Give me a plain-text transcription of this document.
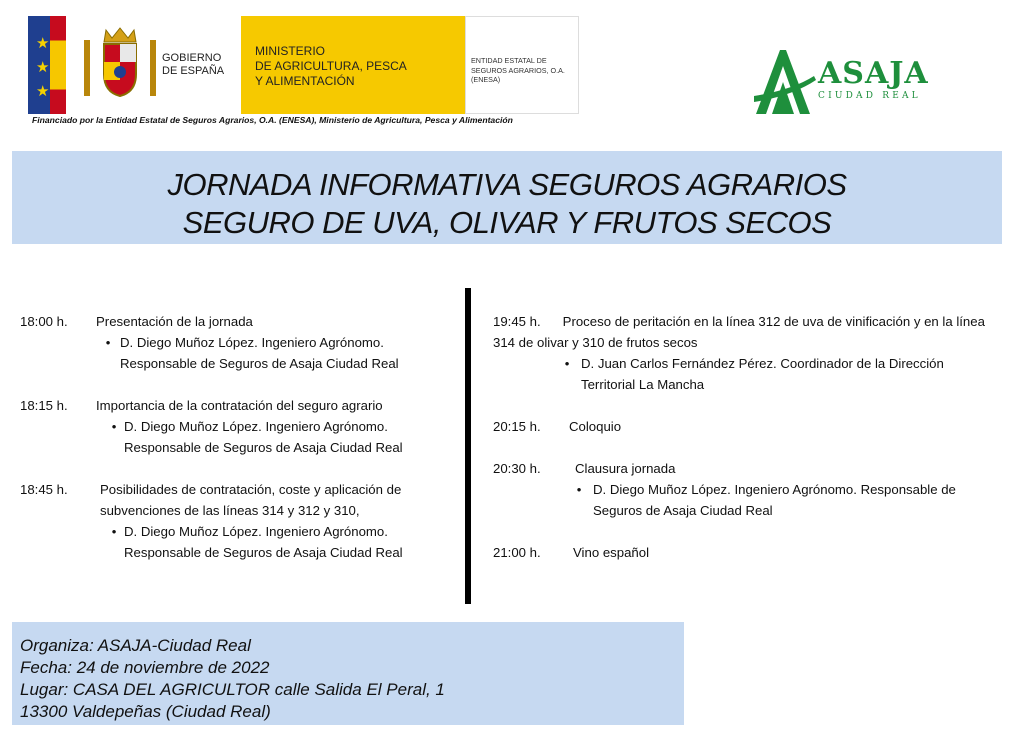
★
★
★
GOBIERNO
DE ESPAÑA
MINISTERIO
DE AGRICULTURA, PESCA
Y ALIMENTACIÓN
ENTIDAD ESTATAL DE
SEGUROS AGRARIOS, O.A.
(ENESA)
Financiado por la Entidad Estatal de Seguros Agrarios, O.A. (ENESA), Ministerio de Agricultura, Pesca y Alimentación
ASAJA
CIUDAD REAL
JORNADA INFORMATIVA SEGUROS AGRARIOS
SEGURO DE UVA, OLIVAR Y FRUTOS SECOS
18:00 h.	Presentación de la jornada
• D. Diego Muñoz López. Ingeniero Agrónomo. Responsable de Seguros de Asaja Ciudad Real
18:15 h.	Importancia de la contratación del seguro agrario
• D. Diego Muñoz López. Ingeniero Agrónomo. Responsable de Seguros de Asaja Ciudad Real
18:45 h.	Posibilidades de contratación, coste y aplicación de subvenciones de las líneas 314 y 312 y 310,
• D. Diego Muñoz López. Ingeniero Agrónomo. Responsable de Seguros de Asaja Ciudad Real
19:45 h. Proceso de peritación en la línea 312 de uva de vinificación y en la línea 314 de olivar y 310 de frutos secos
• D. Juan Carlos Fernández Pérez. Coordinador de la Dirección Territorial La Mancha
20:15 h.	Coloquio
20:30 h.	Clausura jornada
• D. Diego Muñoz López. Ingeniero Agrónomo. Responsable de Seguros de Asaja Ciudad Real
21:00 h.	Vino español
Organiza: ASAJA-Ciudad Real
Fecha: 24 de noviembre de 2022
Lugar: CASA DEL AGRICULTOR calle Salida El Peral, 1
13300 Valdepeñas (Ciudad Real)
